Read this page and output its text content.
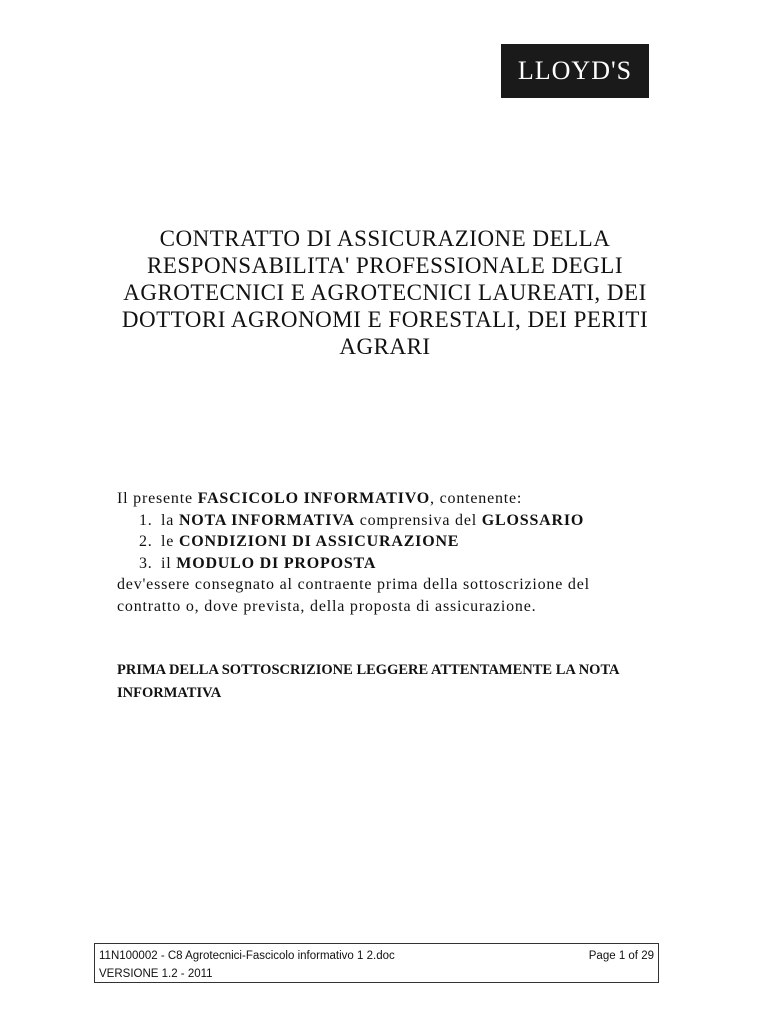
LLOYD'S
CONTRATTO DI ASSICURAZIONE DELLA
RESPONSABILITA' PROFESSIONALE DEGLI
AGROTECNICI E AGROTECNICI LAUREATI, DEI
DOTTORI AGRONOMI E FORESTALI, DEI PERITI
AGRARI

Il presente FASCICOLO INFORMATIVO, contenente:

1. la NOTA INFORMATIVA comprensiva del GLOSSARIO
2. le CONDIZIONI DI ASSICURAZIONE
3. il MODULO DI PROPOSTA

dev'essere consegnato al contraente prima della sottoscrizione del contratto o, dove prevista, della proposta di assicurazione.

PRIMA DELLA SOTTOSCRIZIONE LEGGERE ATTENTAMENTE LA NOTA INFORMATIVA
11N100002 - C8 Agrotecnici-Fascicolo informativo 1 2.doc	Page 1 of 29
VERSIONE 1.2 - 2011
